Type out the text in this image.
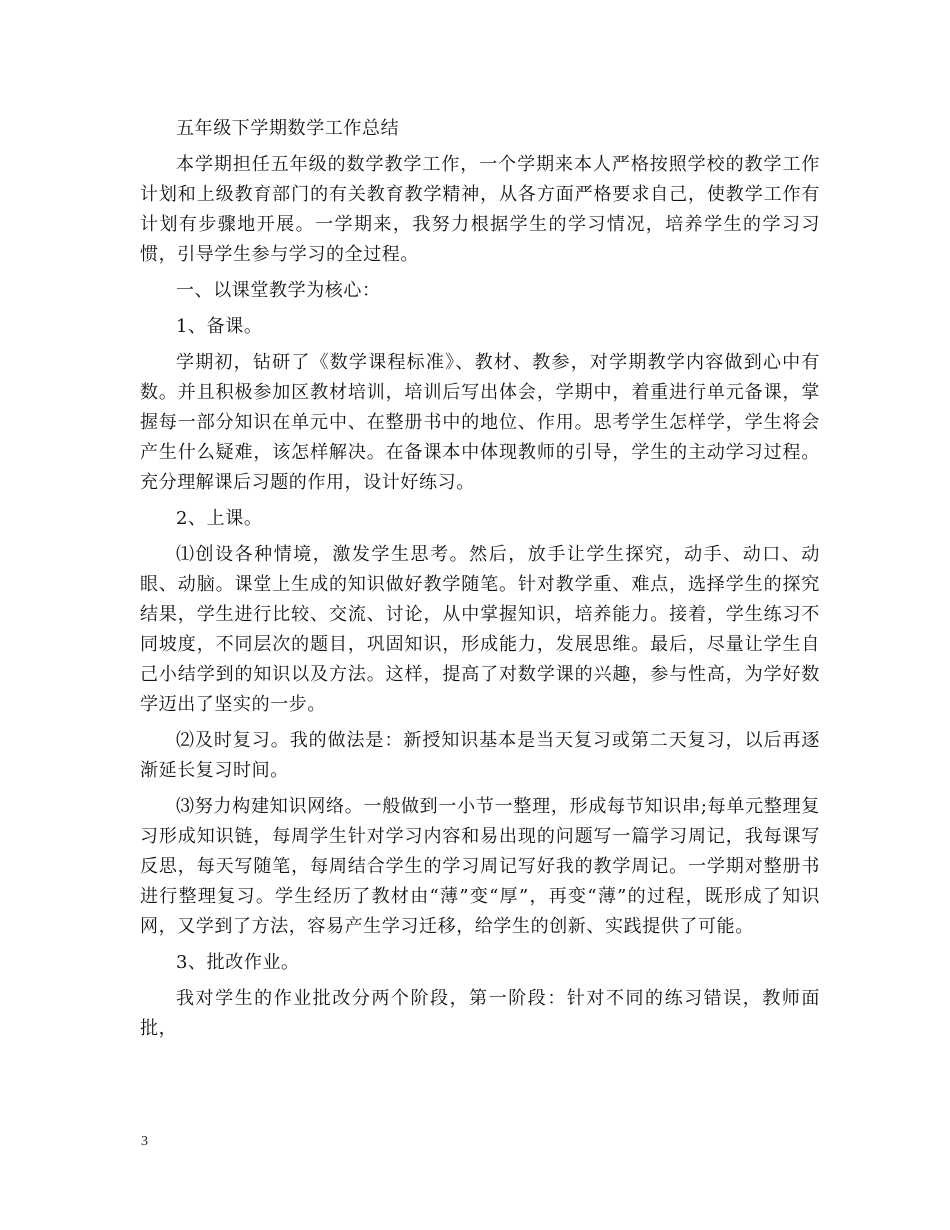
五年级下学期数学工作总结

本学期担任五年级的数学教学工作，一个学期来本人严格按照学校的教学工作计划和上级教育部门的有关教育教学精神，从各方面严格要求自己，使教学工作有计划有步骤地开展。一学期来，我努力根据学生的学习情况，培养学生的学习习惯，引导学生参与学习的全过程。

一、以课堂教学为核心：

1、备课。

学期初，钻研了《数学课程标准》、教材、教参，对学期教学内容做到心中有数。并且积极参加区教材培训，培训后写出体会，学期中，着重进行单元备课，掌握每一部分知识在单元中、在整册书中的地位、作用。思考学生怎样学，学生将会产生什么疑难，该怎样解决。在备课本中体现教师的引导，学生的主动学习过程。充分理解课后习题的作用，设计好练习。

2、上课。

⑴创设各种情境，激发学生思考。然后，放手让学生探究，动手、动口、动眼、动脑。课堂上生成的知识做好教学随笔。针对教学重、难点，选择学生的探究结果，学生进行比较、交流、讨论，从中掌握知识，培养能力。接着，学生练习不同坡度，不同层次的题目，巩固知识，形成能力，发展思维。最后，尽量让学生自己小结学到的知识以及方法。这样，提高了对数学课的兴趣，参与性高，为学好数学迈出了坚实的一步。

⑵及时复习。我的做法是：新授知识基本是当天复习或第二天复习，以后再逐渐延长复习时间。

⑶努力构建知识网络。一般做到一小节一整理，形成每节知识串;每单元整理复习形成知识链，每周学生针对学习内容和易出现的问题写一篇学习周记，我每课写反思，每天写随笔，每周结合学生的学习周记写好我的教学周记。一学期对整册书进行整理复习。学生经历了教材由“薄”变“厚”，再变“薄”的过程，既形成了知识网，又学到了方法，容易产生学习迁移，给学生的创新、实践提供了可能。

3、批改作业。

我对学生的作业批改分两个阶段，第一阶段：针对不同的练习错误，教师面批，

3
